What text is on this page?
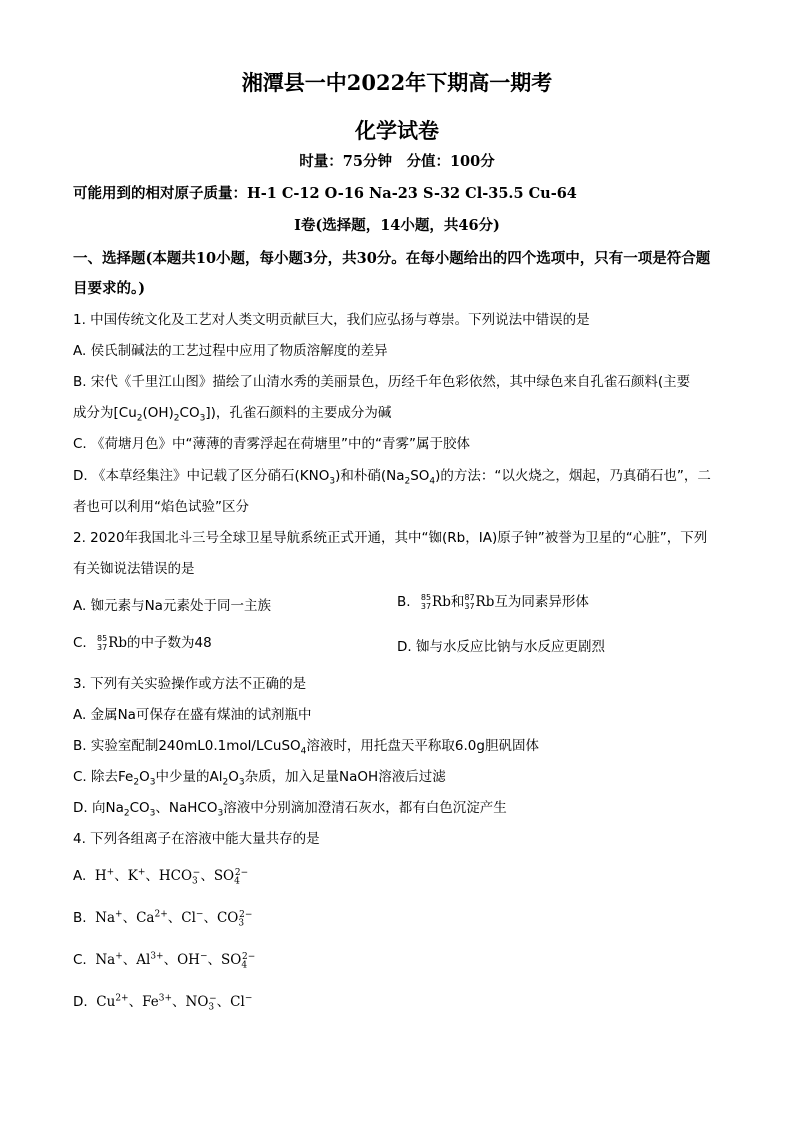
湘潭县一中2022年下期高一期考
化学试卷
时量：75分钟　分值：100分
可能用到的相对原子质量：H-1 C-12 O-16 Na-23 S-32 Cl-35.5 Cu-64
I卷(选择题，14小题，共46分)
一、选择题(本题共10小题，每小题3分，共30分。在每小题给出的四个选项中，只有一项是符合题目要求的。)
1. 中国传统文化及工艺对人类文明贡献巨大，我们应弘扬与尊崇。下列说法中错误的是
A. 侯氏制碱法的工艺过程中应用了物质溶解度的差异
B. 宋代《千里江山图》描绘了山清水秀的美丽景色，历经千年色彩依然，其中绿色来自孔雀石颜料(主要
成分为$[Cu_2(OH)_2CO_3]$)，孔雀石颜料的主要成分为碱
C. 《荷塘月色》中“薄薄的青雾浮起在荷塘里”中的“青雾”属于胶体
D. 《本草经集注》中记载了区分硝石$(KNO_3)$和朴硝$(Na_2SO_4)$的方法：“以火烧之，烟起，乃真硝石也”，二
者也可以利用“焰色试验”区分
2. 2020年我国北斗三号全球卫星导航系统正式开通，其中“铷(Rb，IA)原子钟”被誉为卫星的“心脏”，下列
有关铷说法错误的是
A. 铷元素与Na元素处于同一主族	B. 85
37 Rb和 87
37 Rb互为同素异形体
C. 85
37 Rb的中子数为48	D. 铷与水反应比钠与水反应更剧烈
3. 下列有关实验操作或方法不正确的是
A. 金属Na可保存在盛有煤油的试剂瓶中
B. 实验室配制240mL0.1mol/LCuSO$_4$溶液时，用托盘天平称取6.0g胆矾固体
C. 除去$Fe_2O_3$中少量的$Al_2O_3$杂质，加入足量NaOH溶液后过滤
D. 向$Na_2CO_3$、NaHCO$_3$溶液中分别滴加澄清石灰水，都有白色沉淀产生
4. 下列各组离子在溶液中能大量共存的是
A. H+、K+、$HCO_3^-$、$SO_4^{2-}$
B. Na+、$Ca^{2+}$、Cl−、$CO_3^{2-}$
C. Na+、$Al^{3+}$、OH−、$SO_4^{2-}$
D. $Cu^{2+}$、$Fe^{3+}$、$NO_3^-$、Cl−
